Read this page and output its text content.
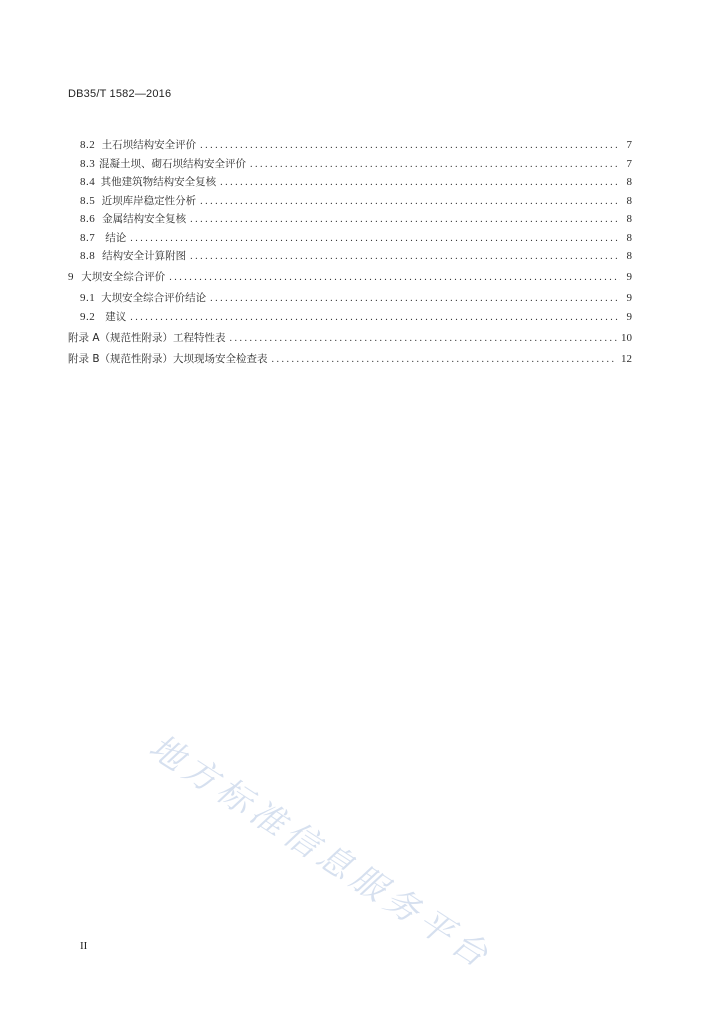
DB35/T 1582—2016
8.2 土石坝结构安全评价 .....	7
8.3 混凝土坝、砌石坝结构安全评价 .....	7
8.4 其他建筑物结构安全复核 .....	8
8.5 近坝库岸稳定性分析 .....	8
8.6 金属结构安全复核 .....	8
8.7 结论 .....	8
8.8 结构安全计算附图 .....	8
9 大坝安全综合评价 .....	9
9.1 大坝安全综合评价结论 .....	9
9.2 建议 .....	9
附录 A（规范性附录） 工程特性表 .....	10
附录 B（规范性附录） 大坝现场安全检查表 .....	12
地方标准信息服务平台
II
